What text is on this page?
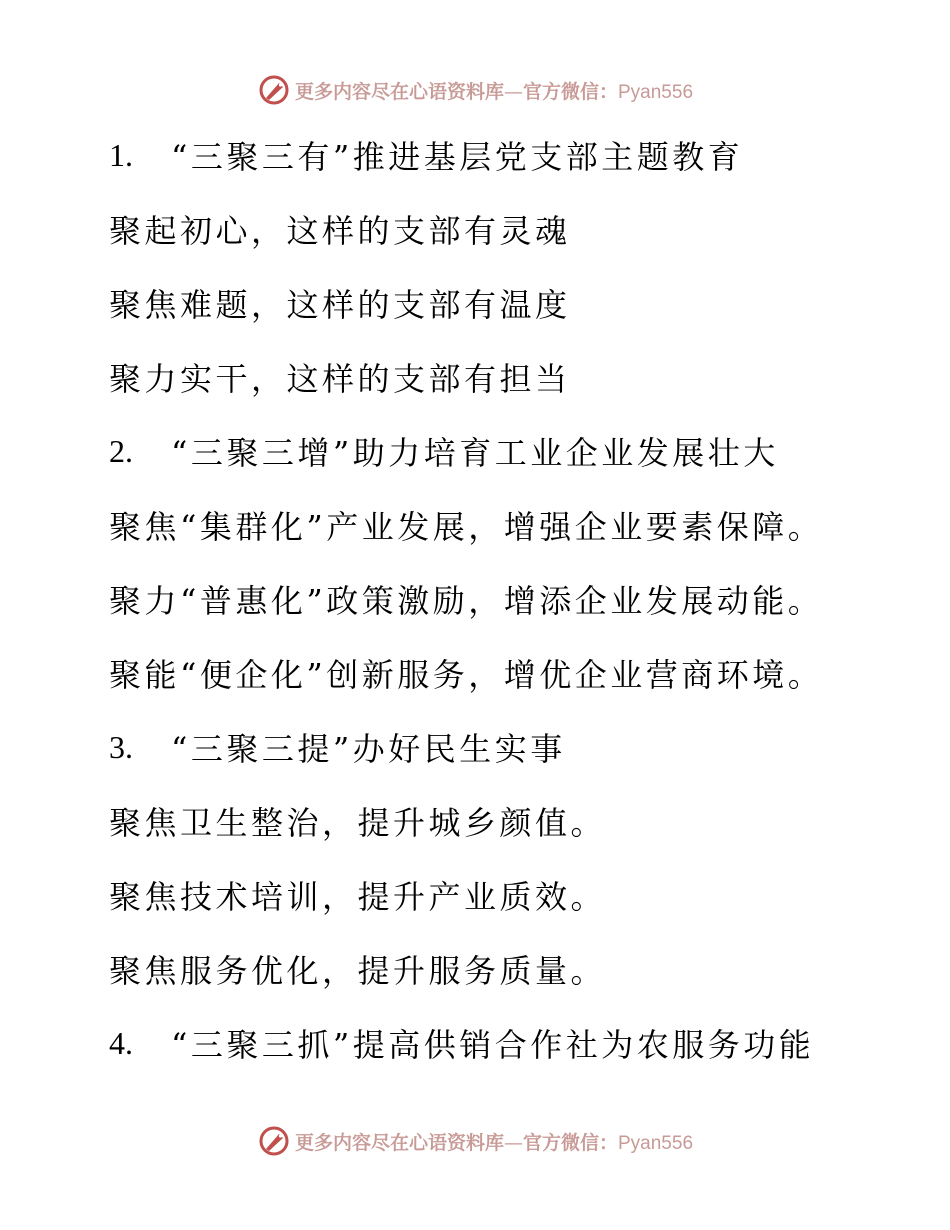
更多内容尽在心语资料库—官方微信：Pyan556
1.	“三聚三有”推进基层党支部主题教育
聚起初心，这样的支部有灵魂
聚焦难题，这样的支部有温度
聚力实干，这样的支部有担当
2.	“三聚三增”助力培育工业企业发展壮大
聚焦“集群化”产业发展，增强企业要素保障。
聚力“普惠化”政策激励，增添企业发展动能。
聚能“便企化”创新服务，增优企业营商环境。
3.	“三聚三提”办好民生实事
聚焦卫生整治，提升城乡颜值。
聚焦技术培训，提升产业质效。
聚焦服务优化，提升服务质量。
4.	“三聚三抓”提高供销合作社为农服务功能
更多内容尽在心语资料库—官方微信：Pyan556
